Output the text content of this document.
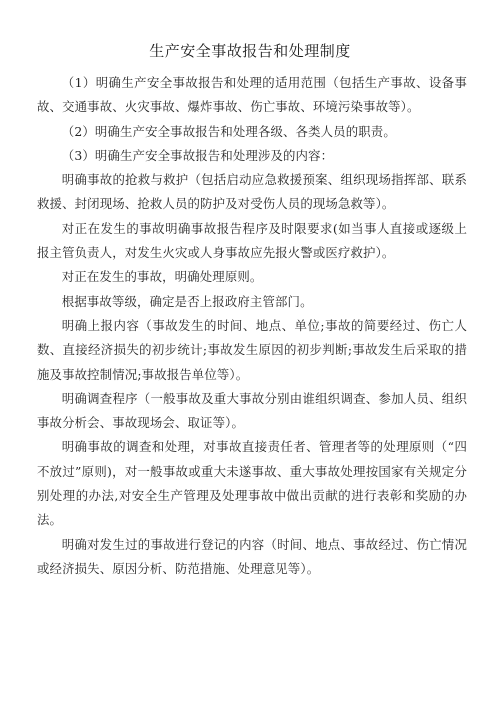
生产安全事故报告和处理制度

（1）明确生产安全事故报告和处理的适用范围（包括生产事故、设备事故、交通事故、火灾事故、爆炸事故、伤亡事故、环境污染事故等）。

（2）明确生产安全事故报告和处理各级、各类人员的职责。

（3）明确生产安全事故报告和处理涉及的内容：

明确事故的抢救与救护（包括启动应急救援预案、组织现场指挥部、联系救援、封闭现场、抢救人员的防护及对受伤人员的现场急救等）。

对正在发生的事故明确事故报告程序及时限要求(如当事人直接或逐级上报主管负责人，对发生火灾或人身事故应先报火警或医疗救护）。

对正在发生的事故，明确处理原则。

根据事故等级，确定是否上报政府主管部门。

明确上报内容（事故发生的时间、地点、单位;事故的简要经过、伤亡人数、直接经济损失的初步统计;事故发生原因的初步判断;事故发生后采取的措施及事故控制情况;事故报告单位等）。

明确调查程序（一般事故及重大事故分别由谁组织调查、参加人员、组织事故分析会、事故现场会、取证等）。

明确事故的调查和处理，对事故直接责任者、管理者等的处理原则（“四不放过”原则)，对一般事故或重大未遂事故、重大事故处理按国家有关规定分别处理的办法,对安全生产管理及处理事故中做出贡献的进行表彰和奖励的办法。

明确对发生过的事故进行登记的内容（时间、地点、事故经过、伤亡情况或经济损失、原因分析、防范措施、处理意见等）。
